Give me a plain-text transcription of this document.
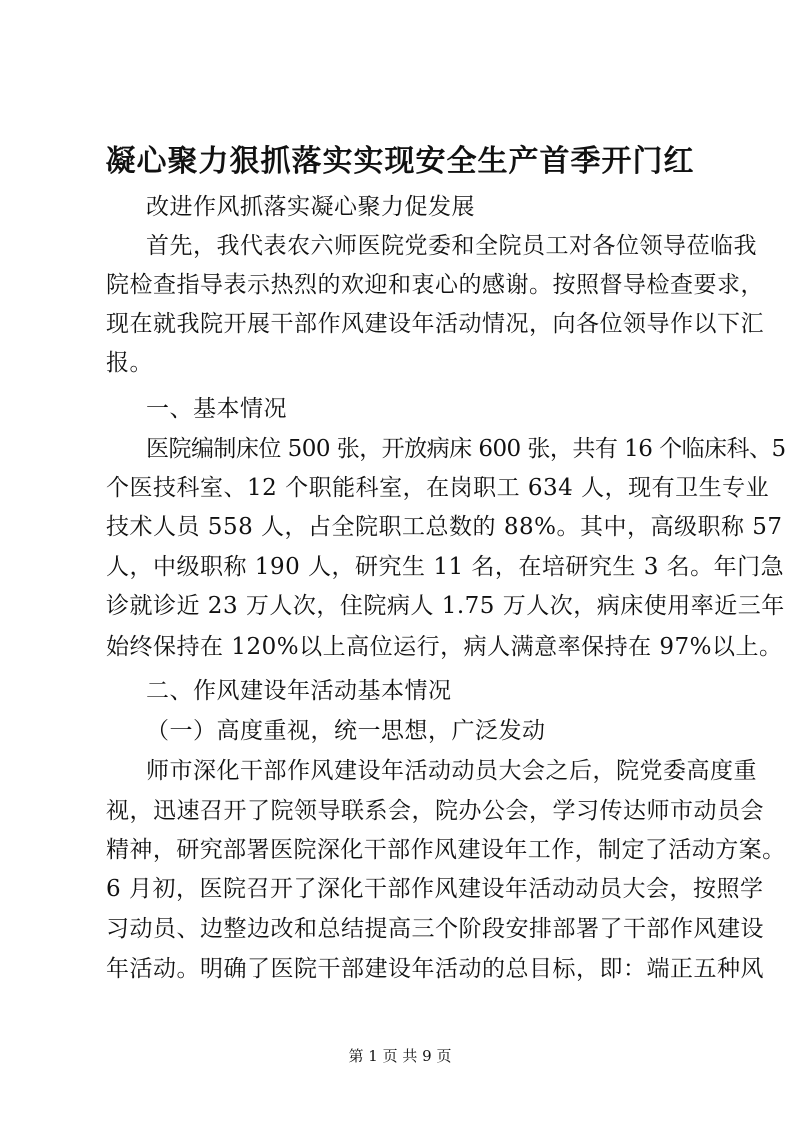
凝心聚力狠抓落实实现安全生产首季开门红
改进作风抓落实凝心聚力促发展
首先，我代表农六师医院党委和全院员工对各位领导莅临我
院检查指导表示热烈的欢迎和衷心的感谢。按照督导检查要求，
现在就我院开展干部作风建设年活动情况，向各位领导作以下汇
报。
一、基本情况
医院编制床位 500 张，开放病床 600 张，共有 16 个临床科、5
个医技科室、12 个职能科室，在岗职工 634 人，现有卫生专业
技术人员 558 人，占全院职工总数的 88%。其中，高级职称 57
人，中级职称 190 人，研究生 11 名，在培研究生 3 名。年门急
诊就诊近 23 万人次，住院病人 1.75 万人次，病床使用率近三年
始终保持在 120%以上高位运行，病人满意率保持在 97%以上。
二、作风建设年活动基本情况
（一）高度重视，统一思想，广泛发动
师市深化干部作风建设年活动动员大会之后，院党委高度重
视，迅速召开了院领导联系会，院办公会，学习传达师市动员会
精神，研究部署医院深化干部作风建设年工作，制定了活动方案。
6 月初，医院召开了深化干部作风建设年活动动员大会，按照学
习动员、边整边改和总结提高三个阶段安排部署了干部作风建设
年活动。明确了医院干部建设年活动的总目标，即：端正五种风
第 1 页 共 9 页
